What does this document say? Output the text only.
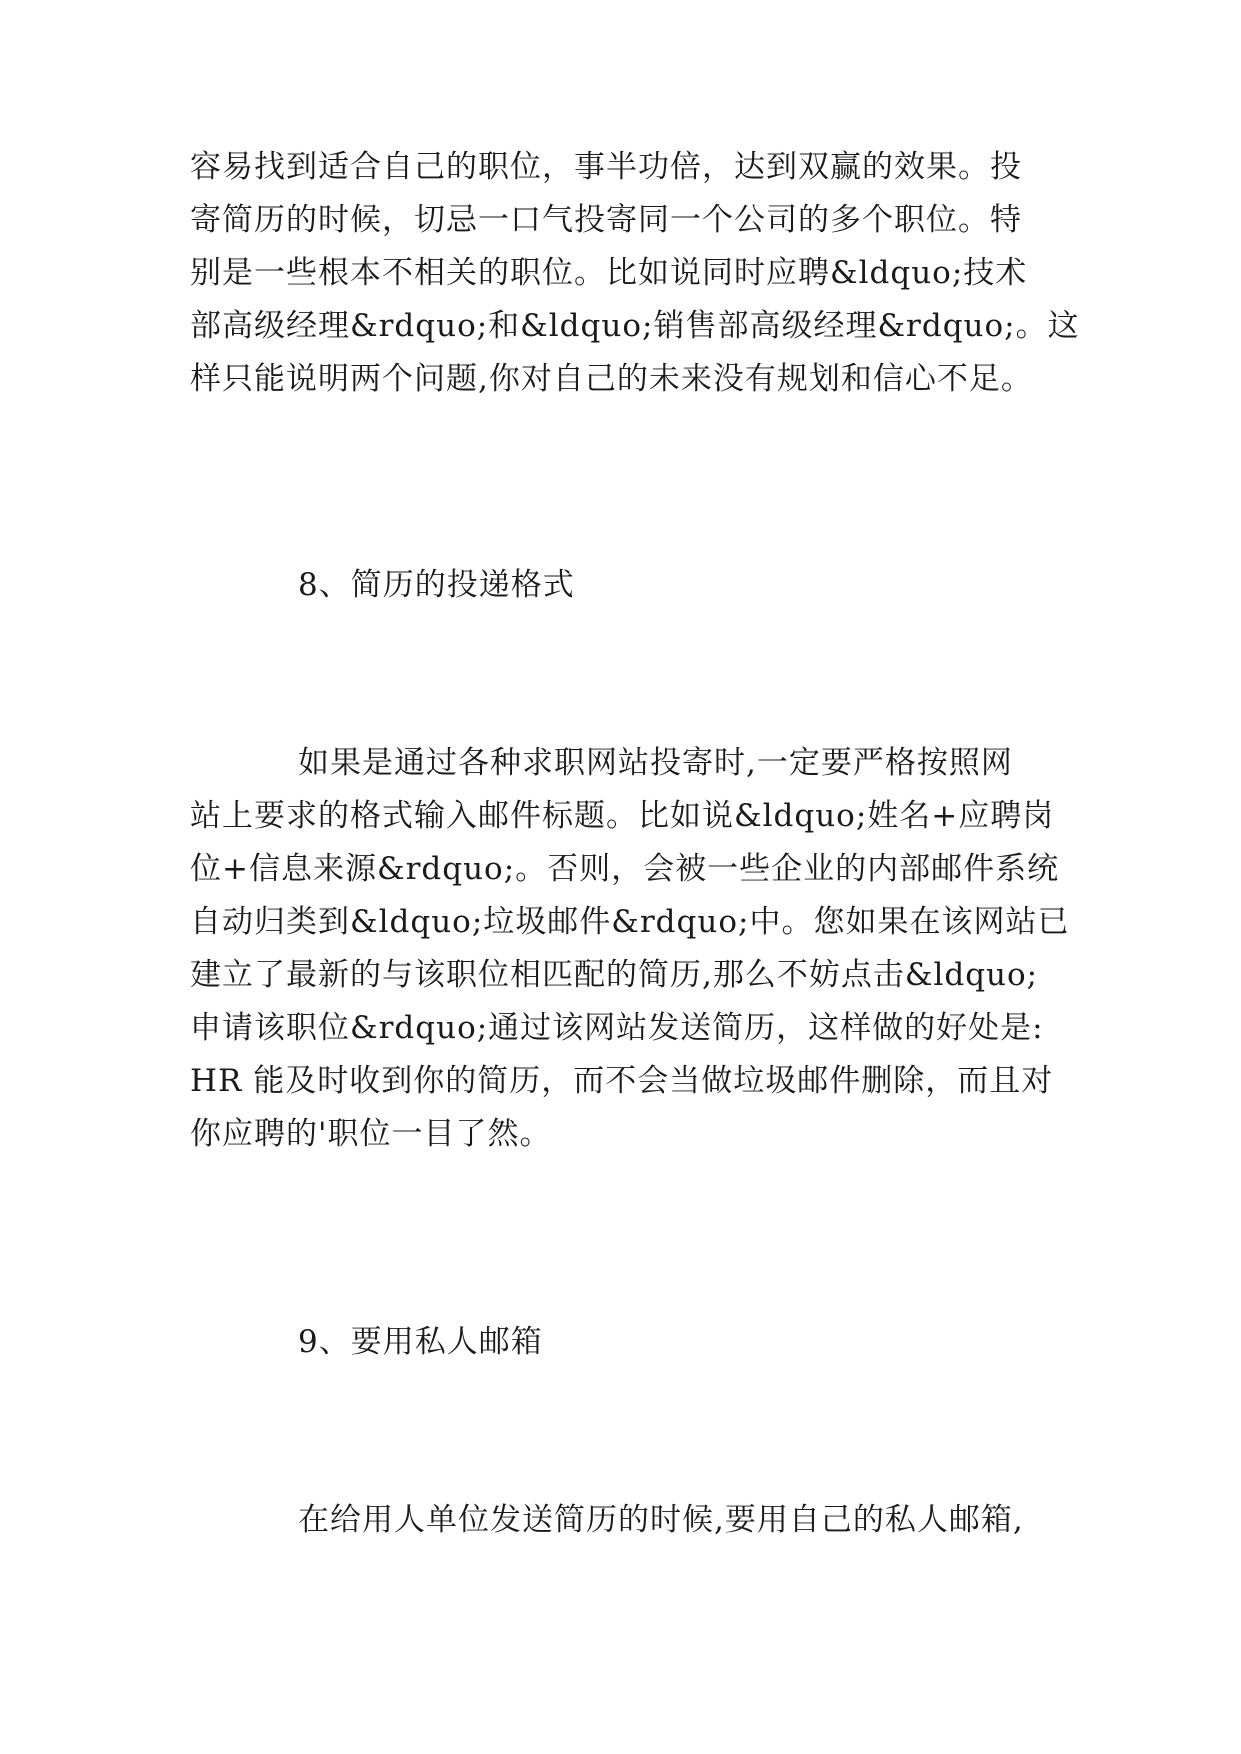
容易找到适合自己的职位，事半功倍，达到双赢的效果。投

寄简历的时候，切忌一口气投寄同一个公司的多个职位。特

别是一些根本不相关的职位。比如说同时应聘&ldquo;技术

部高级经理&rdquo;和&ldquo;销售部高级经理&rdquo;。这

样只能说明两个问题,你对自己的未来没有规划和信心不足。

8、简历的投递格式

如果是通过各种求职网站投寄时,一定要严格按照网

站上要求的格式输入邮件标题。比如说&ldquo;姓名+应聘岗

位+信息来源&rdquo;。否则，会被一些企业的内部邮件系统

自动归类到&ldquo;垃圾邮件&rdquo;中。您如果在该网站已

建立了最新的与该职位相匹配的简历,那么不妨点击&ldquo;

申请该职位&rdquo;通过该网站发送简历，这样做的好处是:

HR 能及时收到你的简历，而不会当做垃圾邮件删除，而且对

你应聘的'职位一目了然。

9、要用私人邮箱

在给用人单位发送简历的时候,要用自己的私人邮箱,
